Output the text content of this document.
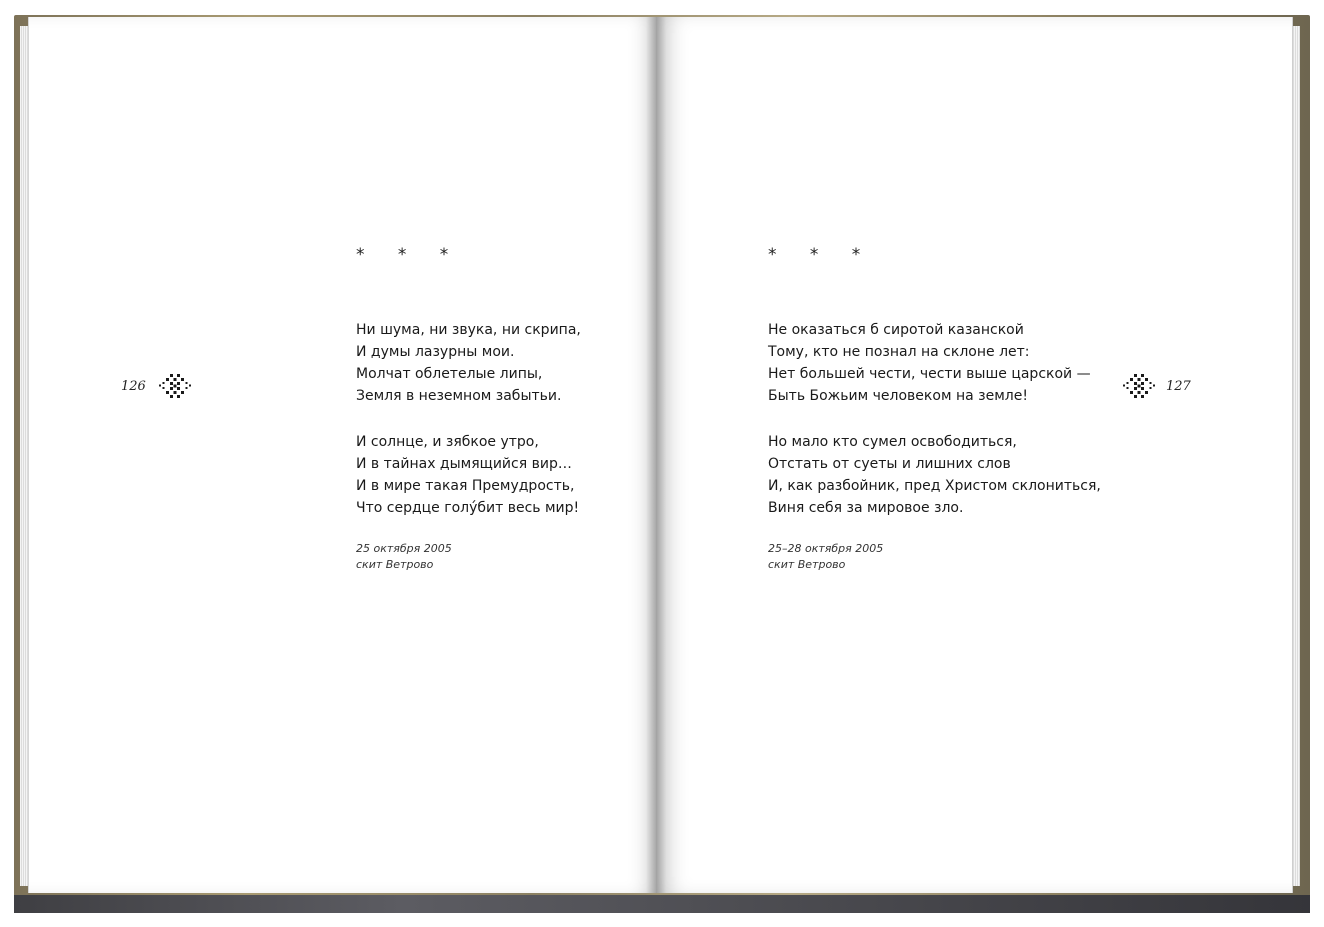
* * *
Ни шума, ни звука, ни скрипа,
И думы лазурны мои.
Молчат облетелые липы,
Земля в неземном забытьи.
И солнце, и зябкое утро,
И в тайнах дымящийся вир…
И в мире такая Премудрость,
Что сердце голу́бит весь мир!
25 октября 2005
скит Ветрово
126
* * *
Не оказаться б сиротой казанской
Тому, кто не познал на склоне лет:
Нет большей чести, чести выше царской —
Быть Божьим человеком на земле!
Но мало кто сумел освободиться,
Отстать от суеты и лишних слов
И, как разбойник, пред Христом склониться,
Виня себя за мировое зло.
25–28 октября 2005
скит Ветрово
127
